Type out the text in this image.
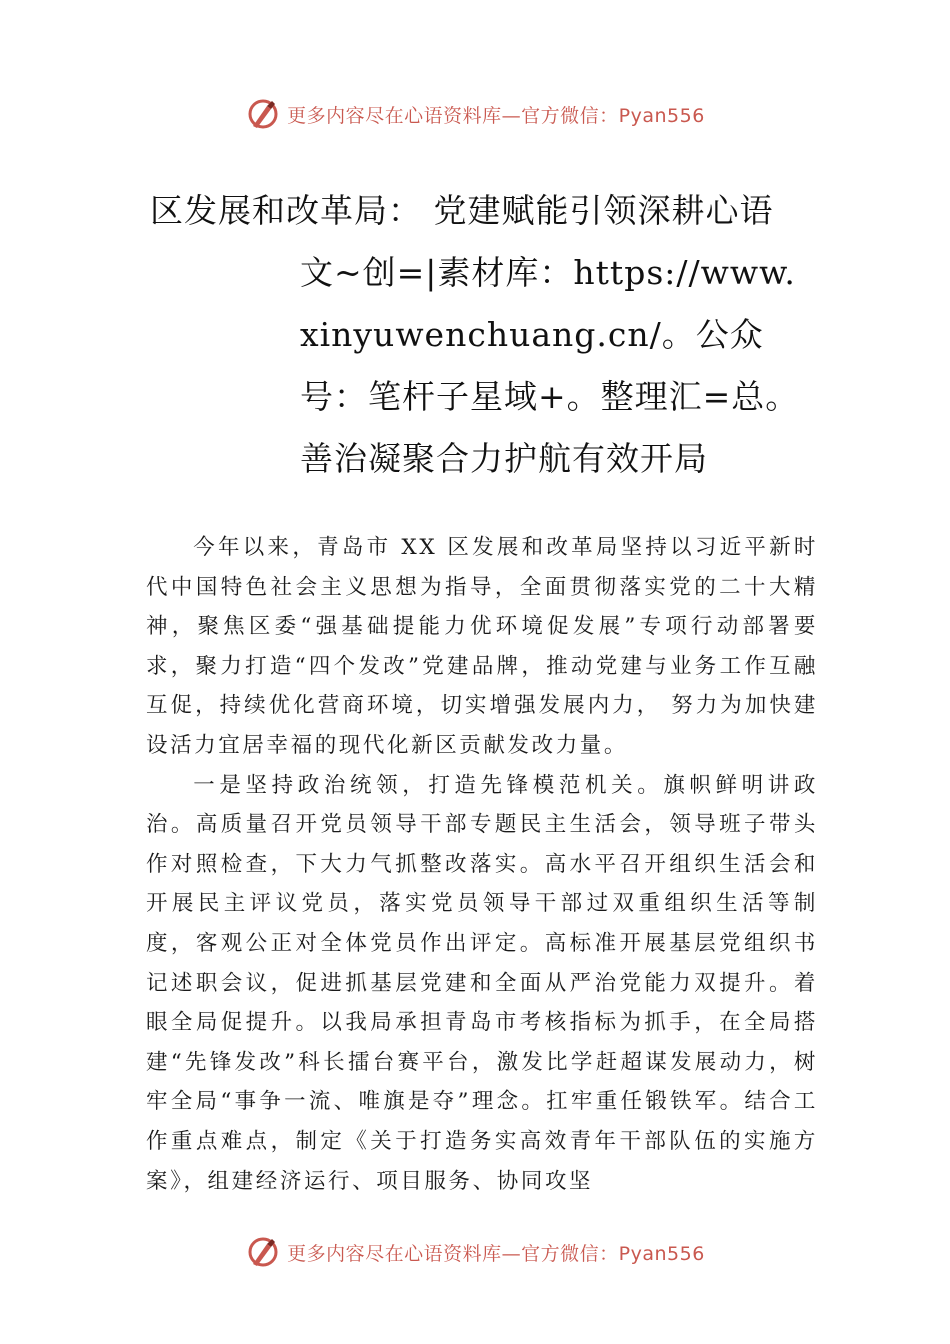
更多内容尽在心语资料库—官方微信：Pyan556
区发展和改革局： 党建赋能引领深耕心语
文~创=|素材库：https://www.xinyuwenchuang.cn/。公众号：笔杆子星域+。整理汇=总。善治凝聚合力护航有效开局

今年以来，青岛市 XX 区发展和改革局坚持以习近平新时代中国特色社会主义思想为指导，全面贯彻落实党的二十大精神，聚焦区委“强基础提能力优环境促发展”专项行动部署要求，聚力打造“四个发改”党建品牌，推动党建与业务工作互融互促，持续优化营商环境，切实增强发展内力， 努力为加快建设活力宜居幸福的现代化新区贡献发改力量。

一是坚持政治统领，打造先锋模范机关。旗帜鲜明讲政治。高质量召开党员领导干部专题民主生活会，领导班子带头作对照检查，下大力气抓整改落实。高水平召开组织生活会和开展民主评议党员，落实党员领导干部过双重组织生活等制度，客观公正对全体党员作出评定。高标准开展基层党组织书记述职会议，促进抓基层党建和全面从严治党能力双提升。着眼全局促提升。以我局承担青岛市考核指标为抓手，在全局搭建“先锋发改”科长擂台赛平台，激发比学赶超谋发展动力，树牢全局“事争一流、唯旗是夺”理念。扛牢重任锻铁军。结合工作重点难点，制定《关于打造务实高效青年干部队伍的实施方案》，组建经济运行、项目服务、协同攻坚

更多内容尽在心语资料库—官方微信：Pyan556
